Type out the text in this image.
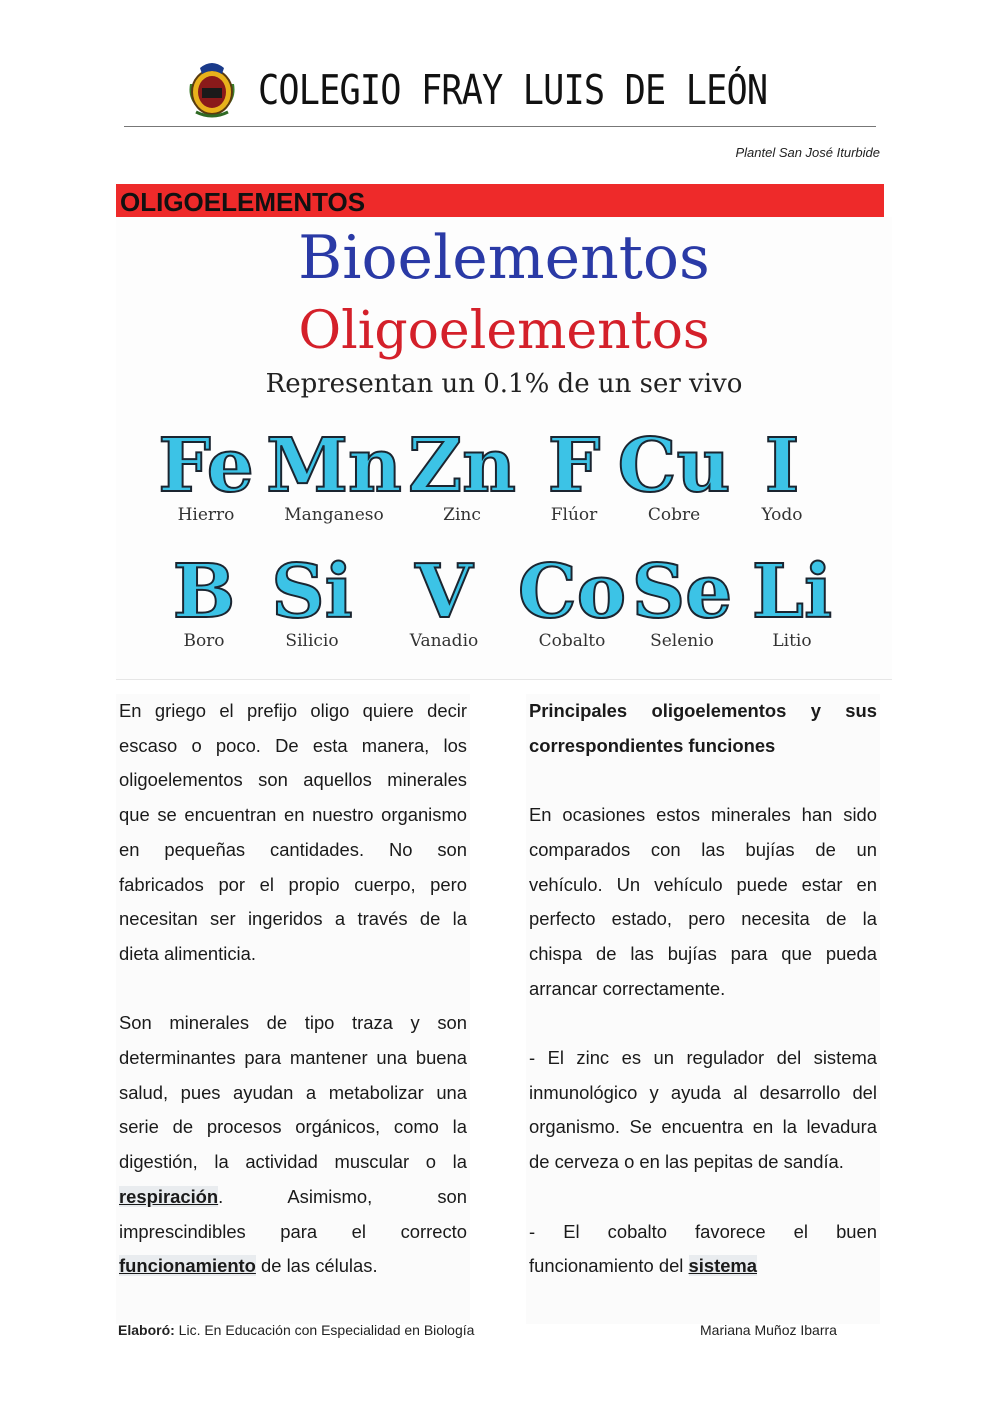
COLEGIO FRAY LUIS DE LEÓN
Plantel San José Iturbide
OLIGOELEMENTOS
Bioelementos
Oligoelementos
Representan un 0.1% de un ser vivo
Fe
Hierro
Mn
Manganeso
Zn
Zinc
F
Flúor
Cu
Cobre
I
Yodo
B
Boro
Si
Silicio
V
Vanadio
Co
Cobalto
Se
Selenio
Li
Litio

En griego el prefijo oligo quiere decir escaso o poco. De esta manera, los oligoelementos son aquellos minerales que se encuentran en nuestro organismo en pequeñas cantidades. No son fabricados por el propio cuerpo, pero necesitan ser ingeridos a través de la dieta alimenticia.

Son minerales de tipo traza y son determinantes para mantener una buena salud, pues ayudan a metabolizar una serie de procesos orgánicos, como la digestión, la actividad muscular o la respiración. Asimismo, son imprescindibles para el correcto funcionamiento de las células.

Principales oligoelementos y sus correspondientes funciones

En ocasiones estos minerales han sido comparados con las bujías de un vehículo. Un vehículo puede estar en perfecto estado, pero necesita de la chispa de las bujías para que pueda arrancar correctamente.

- El zinc es un regulador del sistema inmunológico y ayuda al desarrollo del organismo. Se encuentra en la levadura de cerveza o en las pepitas de sandía.

- El cobalto favorece el buen funcionamiento del sistema

Elaboró: Lic. En Educación con Especialidad en Biología	Mariana Muñoz Ibarra
